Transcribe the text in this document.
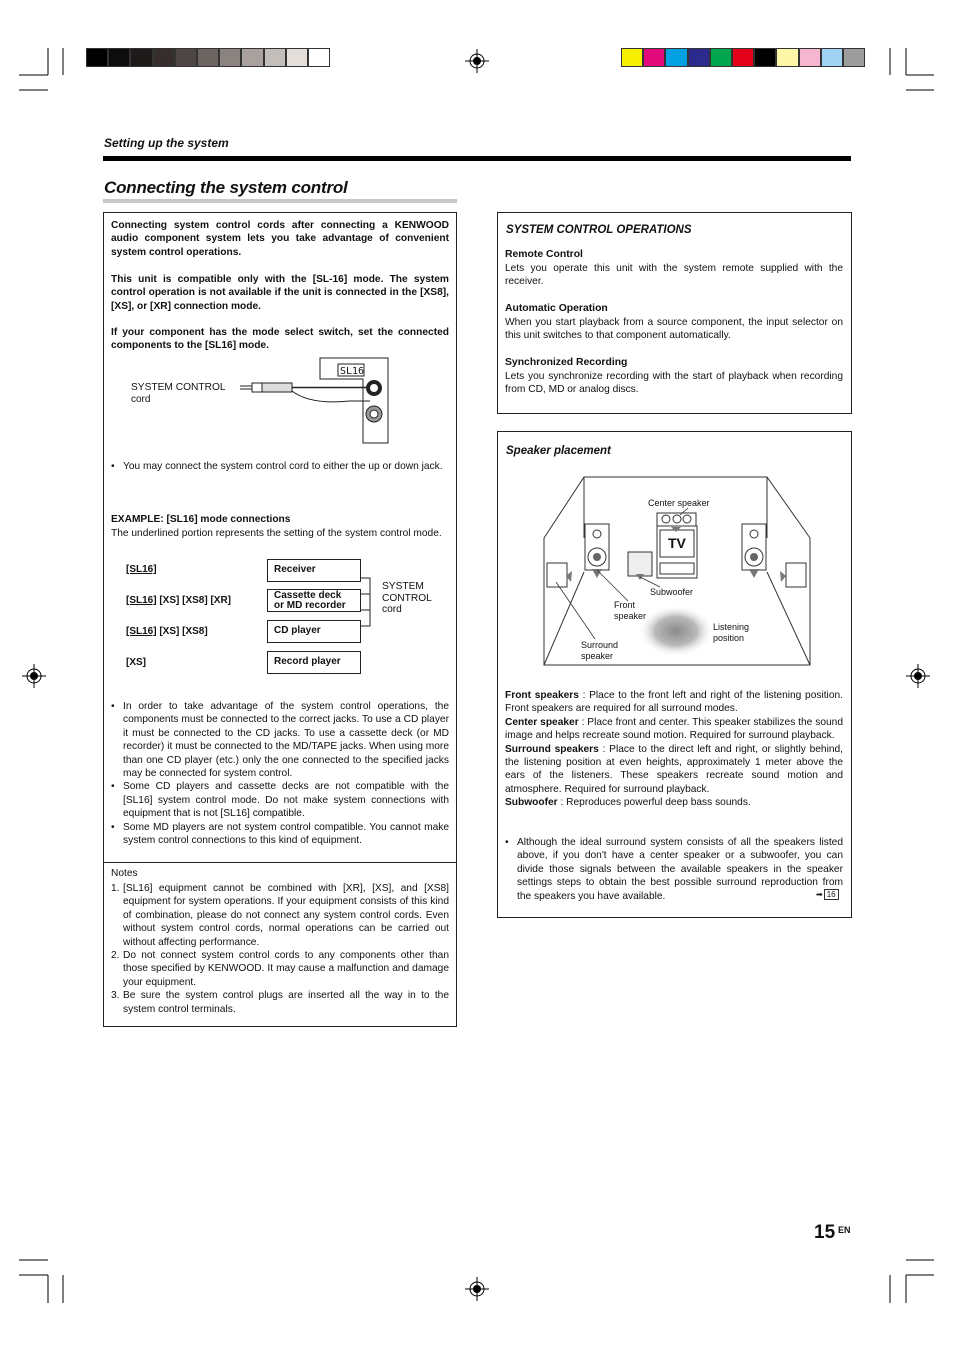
Setting up the system
Connecting the system control
Connecting system control cords after connecting a KENWOOD audio component system lets you take advantage of convenient system control operations.
This unit is compatible only with the [SL-16] mode. The system control operation is not available if the unit is connected in the [XS8], [XS], or [XR] connection mode.
If your component has the mode select switch, set the connected components to the [SL16] mode.
SL16
SYSTEM CONTROL
cord
• You may connect the system control cord to either the up or down jack.
EXAMPLE: [SL16] mode connections
The underlined portion represents the setting of the system control mode.
[SL16]	Receiver
[SL16] [XS] [XS8] [XR]	Cassette deck or MD recorder
[SL16] [XS] [XS8]	CD player
[XS]	Record player
SYSTEM
CONTROL
cord
• In order to take advantage of the system control operations, the components must be connected to the correct jacks. To use a CD player it must be connected to the CD jacks. To use a cassette deck (or MD recorder) it must be connected to the MD/TAPE jacks. When using more than one CD player (etc.) only the one connected to the specified jacks may be connected for system control.
• Some CD players and cassette decks are not compatible with the [SL16] system control mode. Do not make system connections with equipment that is not [SL16] compatible.
• Some MD players are not system control compatible. You cannot make system control connections to this kind of equipment.
Notes
1. [SL16] equipment cannot be combined with [XR], [XS], and [XS8] equipment for system operations. If your equipment consists of this kind of combination, please do not connect any system control cords. Even without system control cords, normal operations can be carried out without affecting performance.
2. Do not connect system control cords to any components other than those specified by KENWOOD. It may cause a malfunction and damage your equipment.
3. Be sure the system control plugs are inserted all the way in to the system control terminals.
SYSTEM CONTROL OPERATIONS
Remote Control
Lets you operate this unit with the system remote supplied with the receiver.
Automatic Operation
When you start playback from a source component, the input selector on this unit switches to that component automatically.
Synchronized Recording
Lets you synchronize recording with the start of playback when recording from CD, MD or analog discs.
Speaker placement
TV
Center speaker
Subwoofer
Front
speaker
Listening
position
Surround
speaker
Front speakers : Place to the front left and right of the listening position. Front speakers are required for all surround modes.
Center speaker : Place front and center. This speaker stabilizes the sound image and helps recreate sound motion. Required for surround playback.
Surround speakers : Place to the direct left and right, or slightly behind, the listening position at even heights, approximately 1 meter above the ears of the listeners. These speakers recreate sound motion and atmosphere. Required for surround playback.
Subwoofer : Reproduces powerful deep bass sounds.
• Although the ideal surround system consists of all the speakers listed above, if you don't have a center speaker or a subwoofer, you can divide those signals between the available speakers in the speaker settings steps to obtain the best possible surround reproduction from the speakers you have available.	➡ 16
15 EN
